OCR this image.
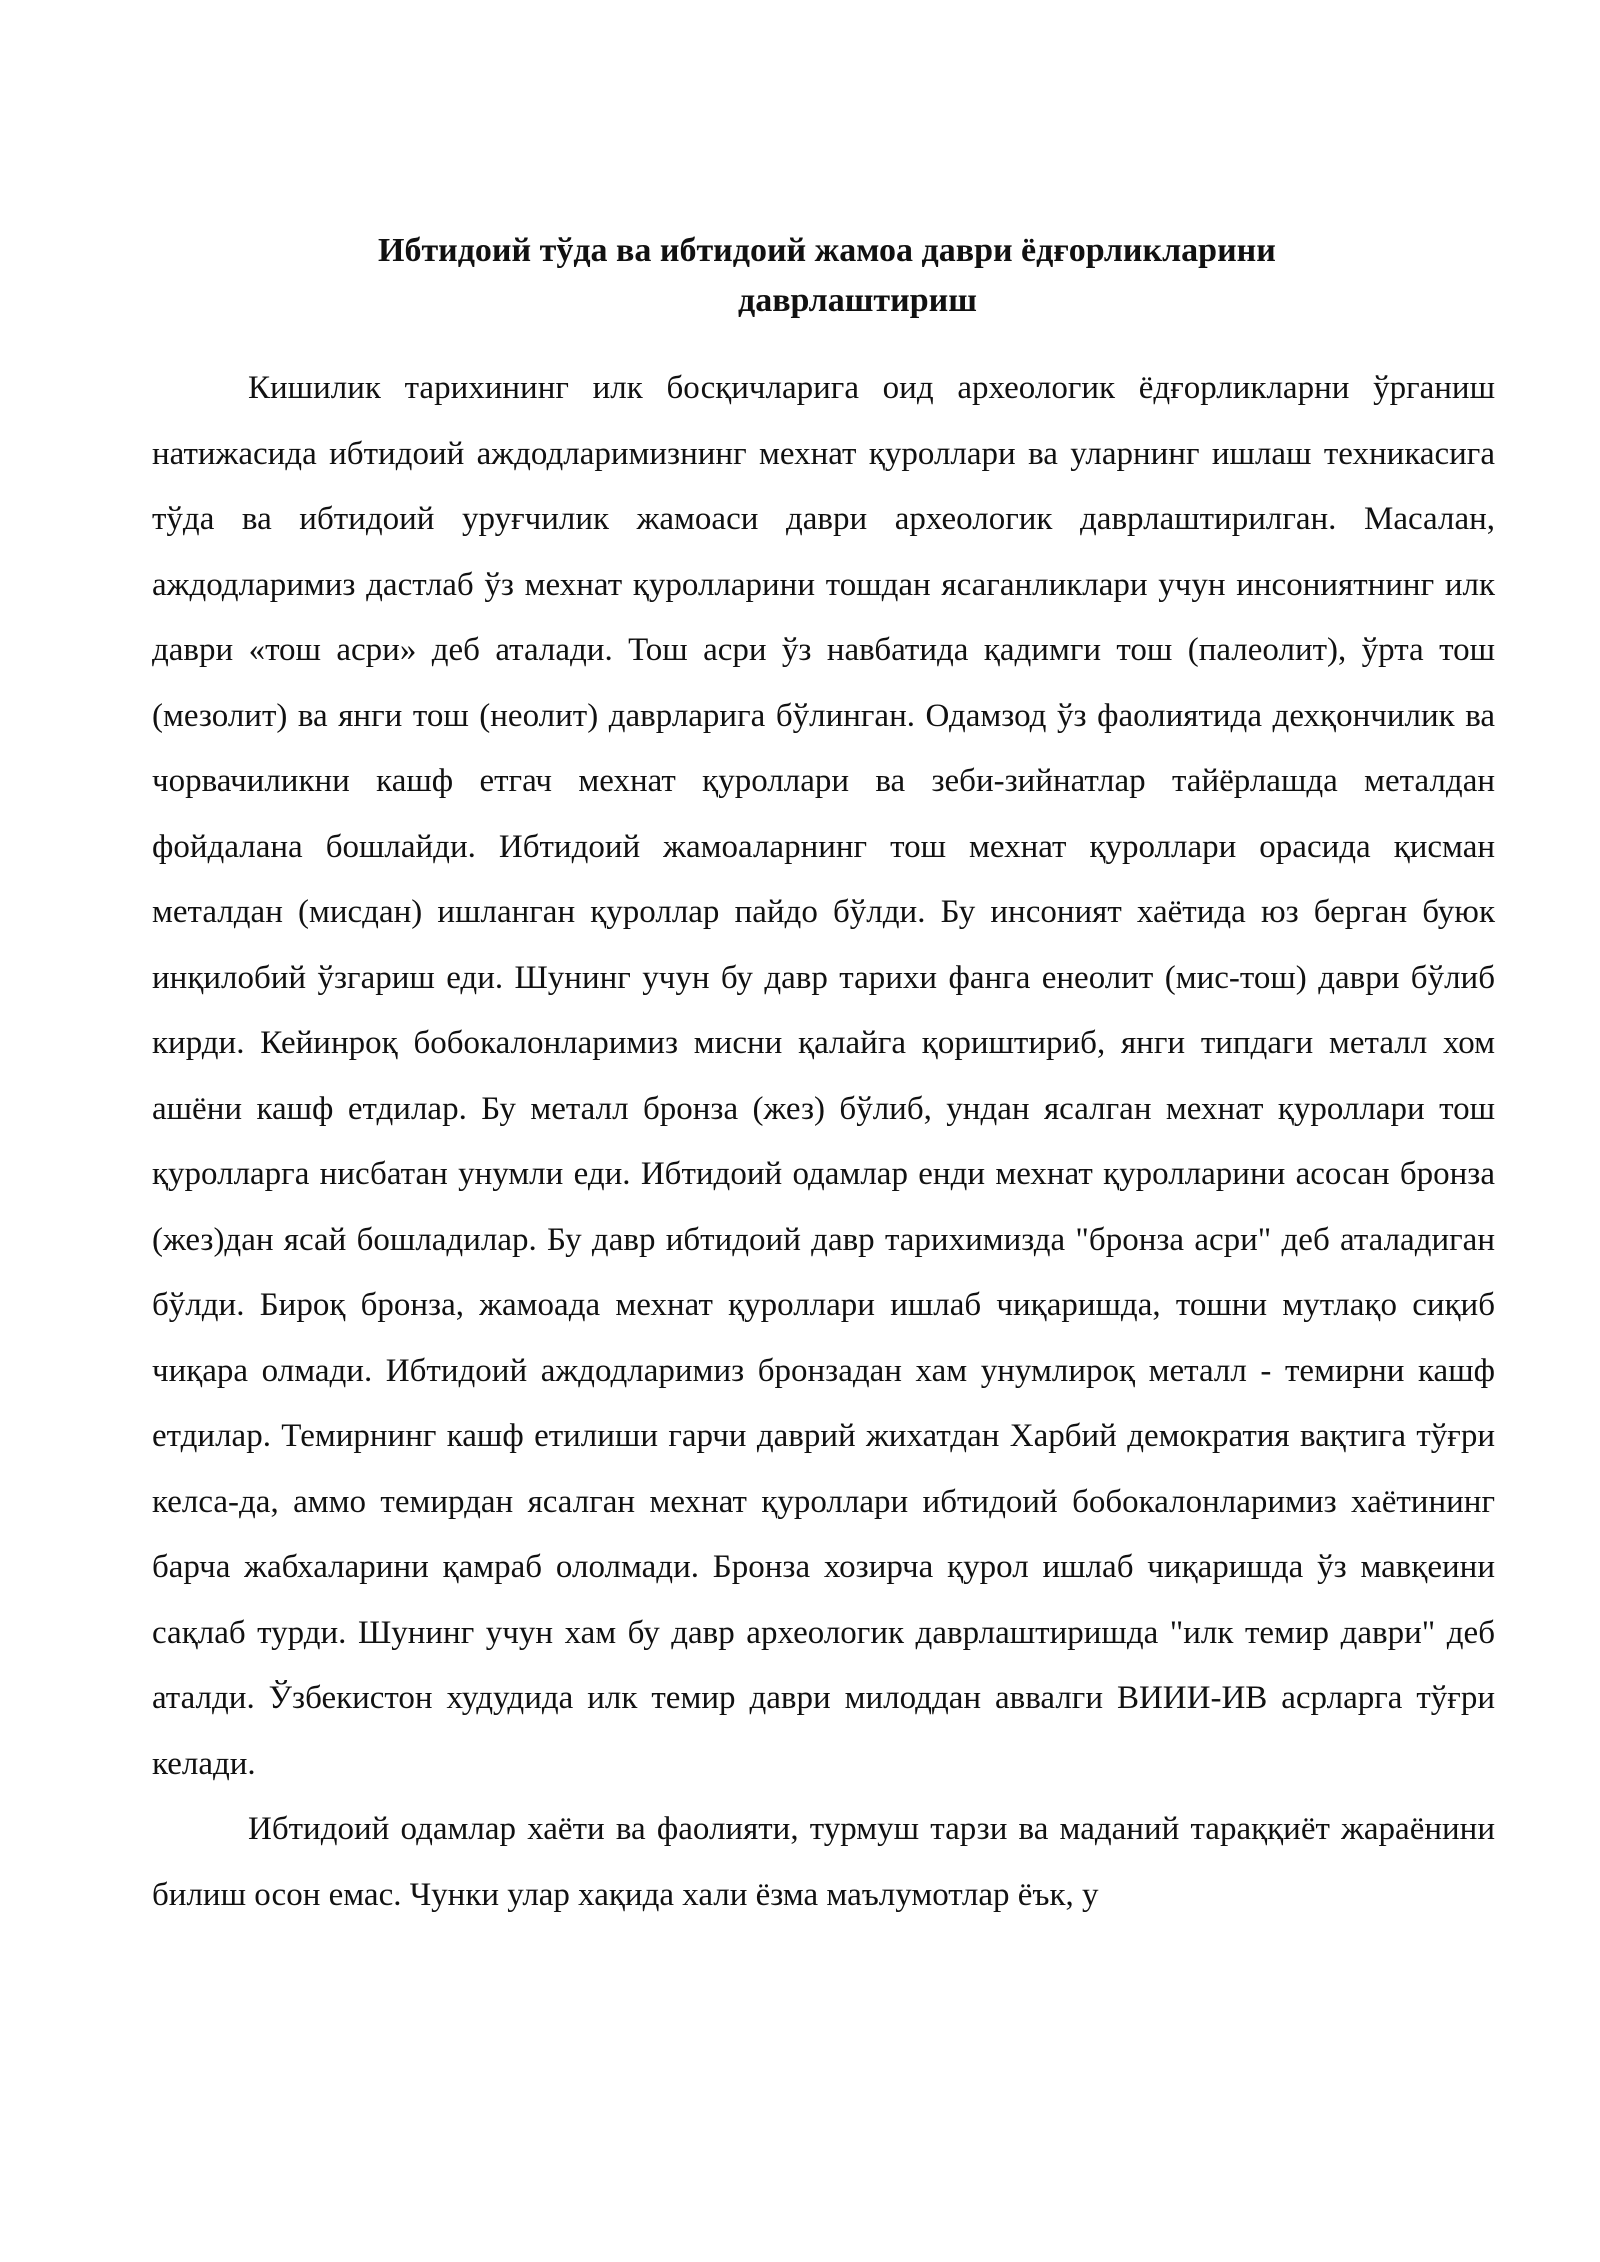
Ибтидоий тўда ва ибтидоий жамоа даври ёдғорликларини
даврлаштириш

Кишилик тарихининг илк босқичларига оид археологик ёдғорликларни ўрганиш натижасида ибтидоий аждодларимизнинг мехнат қуроллари ва уларнинг ишлаш техникасига тўда ва ибтидоий уруғчилик жамоаси даври археологик даврлаштирилган. Масалан, аждодларимиз дастлаб ўз мехнат қуролларини тошдан ясаганликлари учун инсониятнинг илк даври «тош асри» деб аталади. Тош асри ўз навбатида қадимги тош (палеолит), ўрта тош (мезолит) ва янги тош (неолит) даврларига бўлинган. Одамзод ўз фаолиятида дехқончилик ва чорвачиликни кашф етгач мехнат қуроллари ва зеби-зийнатлар тайёрлашда металдан фойдалана бошлайди. Ибтидоий жамоаларнинг тош мехнат қуроллари орасида қисман металдан (мисдан) ишланган қуроллар пайдо бўлди. Бу инсоният хаётида юз берган буюк инқилобий ўзгариш еди. Шунинг учун бу давр тарихи фанга енеолит (мис-тош) даври бўлиб кирди. Кейинроқ бобокалонларимиз мисни қалайга қориштириб, янги типдаги металл хом ашёни кашф етдилар. Бу металл бронза (жез) бўлиб, ундан ясалган мехнат қуроллари тош қуролларга нисбатан унумли еди. Ибтидоий одамлар енди мехнат қуролларини асосан бронза (жез)дан ясай бошладилар. Бу давр ибтидоий давр тарихимизда "бронза асри" деб аталадиган бўлди. Бироқ бронза, жамоада мехнат қуроллари ишлаб чиқаришда, тошни мутлақо сиқиб чиқара олмади. Ибтидоий аждодларимиз бронзадан хам унумлироқ металл - темирни кашф етдилар. Темирнинг кашф етилиши гарчи даврий жихатдан Харбий демократия вақтига тўғри келса-да, аммо темирдан ясалган мехнат қуроллари ибтидоий бобокалонларимиз хаётининг барча жабхаларини қамраб ололмади. Бронза хозирча қурол ишлаб чиқаришда ўз мавқеини сақлаб турди. Шунинг учун хам бу давр археологик даврлаштиришда "илк темир даври" деб аталди. Ўзбекистон худудида илк темир даври милоддан аввалги ВИИИ-ИВ асрларга тўғри келади.

Ибтидоий одамлар хаёти ва фаолияти, турмуш тарзи ва маданий тараққиёт жараёнини билиш осон емас. Чунки улар хақида хали ёзма маълумотлар ёък, у
